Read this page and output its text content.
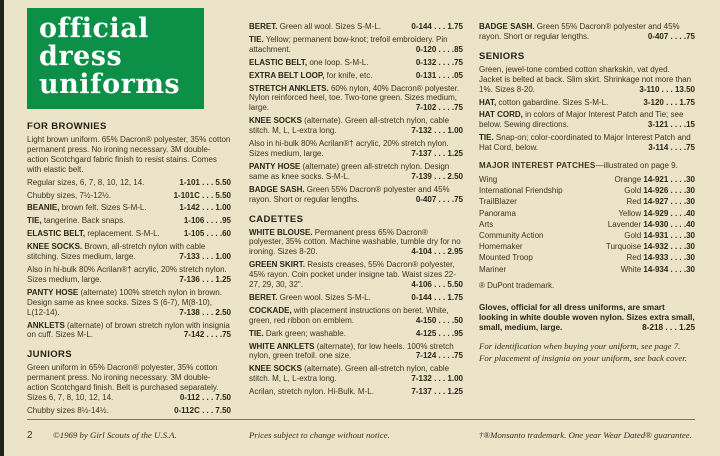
official
dress
uniforms
FOR BROWNIES

Light brown uniform. 65% Dacron® polyester, 35% cotton permanent press. No ironing necessary. 3M double-action Scotchgard fabric finish to resist stains. Comes with elastic belt.

Regular sizes, 6, 7, 8, 10, 12, 14.	1-101 . . . 5.50

Chubby sizes, 7½-12½.	1-101C . . . 5.50

BEANIE, brown felt. Sizes S-M-L.	1-142 . . . 1.00

TIE, tangerine. Back snaps.	1-106 . . . .95

ELASTIC BELT, replacement. S-M-L.	1-105 . . . .60

KNEE SOCKS. Brown, all-stretch nylon with cable stitching. Sizes medium, large.	7-133 . . . 1.00

Also in hi-bulk 80% Acrilan®† acrylic, 20% stretch nylon. Sizes medium, large.	7-136 . . . 1.25

PANTY HOSE (alternate) 100% stretch nylon in brown. Design same as knee socks. Sizes S (6-7), M(8-10), L(12-14).	7-138 . . . 2.50

ANKLETS (alternate) of brown stretch nylon with insignia on cuff. Sizes M-L.	7-142 . . . .75

JUNIORS

Green uniform in 65% Dacron® polyester, 35% cotton permanent press. No ironing necessary. 3M double-action Scotchgard finish. Belt is purchased separately. Sizes 6, 7, 8, 10, 12, 14.	0-112 . . . 7.50

Chubby sizes 8½-14½.	0-112C . . . 7.50

BERET. Green all wool. Sizes S-M-L.	0-144 . . . 1.75

TIE. Yellow; permanent bow-knot; trefoil embroidery. Pin attachment.	0-120 . . . .85

ELASTIC BELT, one loop. S-M-L.	0-132 . . . .75

EXTRA BELT LOOP, for knife, etc.	0-131 . . . .05

STRETCH ANKLETS. 60% nylon, 40% Dacron® polyester. Nylon reinforced heel, toe. Two-tone green. Sizes medium, large.	7-102 . . . .75

KNEE SOCKS (alternate). Green all-stretch nylon, cable stitch. M, L, L-extra long.	7-132 . . . 1.00

Also in hi-bulk 80% Acrilan®† acrylic, 20% stretch nylon. Sizes medium, large.	7-137 . . . 1.25

PANTY HOSE (alternate) green all-stretch nylon. Design same as knee socks. S-M-L.	7-139 . . . 2.50

BADGE SASH. Green 55% Dacron® polyester and 45% rayon. Short or regular lengths.	0-407 . . . .75

CADETTES

WHITE BLOUSE. Permanent press 65% Dacron® polyester, 35% cotton. Machine washable, tumble dry for no ironing. Sizes 8-20.	4-104 . . . 2.95

GREEN SKIRT. Resists creases, 55% Dacron® polyester, 45% rayon. Coin pocket under insigne tab. Waist sizes 22-27, 29, 30, 32".	4-106 . . . 5.50

BERET. Green wool. Sizes S-M-L.	0-144 . . . 1.75

COCKADE, with placement instructions on beret. White, green, red ribbon on emblem.	4-150 . . . .50

TIE. Dark green; washable.	4-125 . . . .95

WHITE ANKLETS (alternate), for low heels. 100% stretch nylon, green trefoil. one size.	7-124 . . . .75

KNEE SOCKS (alternate). Green all-stretch nylon, cable stitch. M, L, L-extra long.	7-132 . . . 1.00

Acrilan, stretch nylon. Hi-Bulk. M-L.	7-137 . . . 1.25

BADGE SASH. Green 55% Dacron® polyester and 45% rayon. Short or regular lengths.	0-407 . . . .75

SENIORS

Green, jewel-tone combed cotton sharkskin, vat dyed. Jacket is belted at back. Slim skirt. Shrinkage not more than 1%. Sizes 8-20.	3-110 . . . 13.50

HAT, cotton gabardine. Sizes S-M-L.	3-120 . . . 1.75

HAT CORD, in colors of Major Interest Patch and Tie; see below. Sewing directions.	3-121 . . . .15

TIE. Snap-on; color-coordinated to Major Interest Patch and Hat Cord, below.	3-114 . . . .75

MAJOR INTEREST PATCHES—illustrated on page 9.

Wing	Orange 14-921 . . . .30
International Friendship	Gold 14-926 . . . .30
TrailBlazer	Red 14-927 . . . .30
Panorama	Yellow 14-929 . . . .40
Arts	Lavender 14-930 . . . .40
Community Action	Gold 14-931 . . . .30
Homemaker	Turquoise 14-932 . . . .30
Mounted Troop	Red 14-933 . . . .30
Mariner	White 14-934 . . . .30

® DuPont trademark.

Gloves, official for all dress uniforms, are smart looking in white double woven nylon. Sizes extra small, small, medium, large.	8-218 . . . 1.25

For identification when buying your uniform, see page 7. For placement of insignia on your uniform, see back cover.

2 ©1969 by Girl Scouts of the U.S.A.	Prices subject to change without notice.	†®Monsanto trademark. One year Wear Dated® guarantee.
